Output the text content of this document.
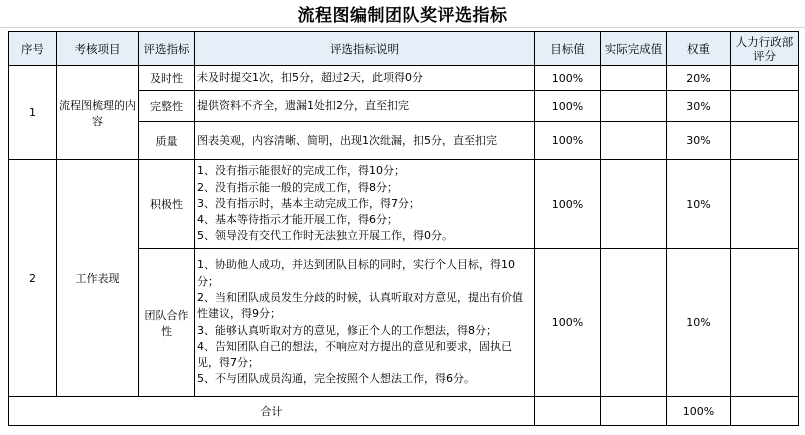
流程图编制团队奖评选指标
序号	考核项目	评选指标	评选指标说明	目标值	实际完成值	权重	人力行政部评分
1	流程图梳理的内容	及时性	未及时提交1次，扣5分，超过2天，此项得0分	100%		20%	
		完整性	提供资料不齐全，遗漏1处扣2分，直至扣完	100%		30%	
		质量	图表美观，内容清晰、简明，出现1次纰漏，扣5分，直至扣完	100%		30%	
2	工作表现	积极性	1、没有指示能很好的完成工作，得10分；
2、没有指示能一般的完成工作，得8分；
3、没有指示时，基本主动完成工作，得7分；
4、基本等待指示才能开展工作，得6分；
5、领导没有交代工作时无法独立开展工作，得0分。	100%		10%	
		团队合作性	1、协助他人成功，并达到团队目标的同时，实行个人目标，得10分；
2、当和团队成员发生分歧的时候，认真听取对方意见，提出有价值性建议，得9分；
3、能够认真听取对方的意见，修正个人的工作想法，得8分；
4、告知团队自己的想法，不响应对方提出的意见和要求，固执已见，得7分；
5、不与团队成员沟通，完全按照个人想法工作，得6分。	100%		10%	
合计						100%	
